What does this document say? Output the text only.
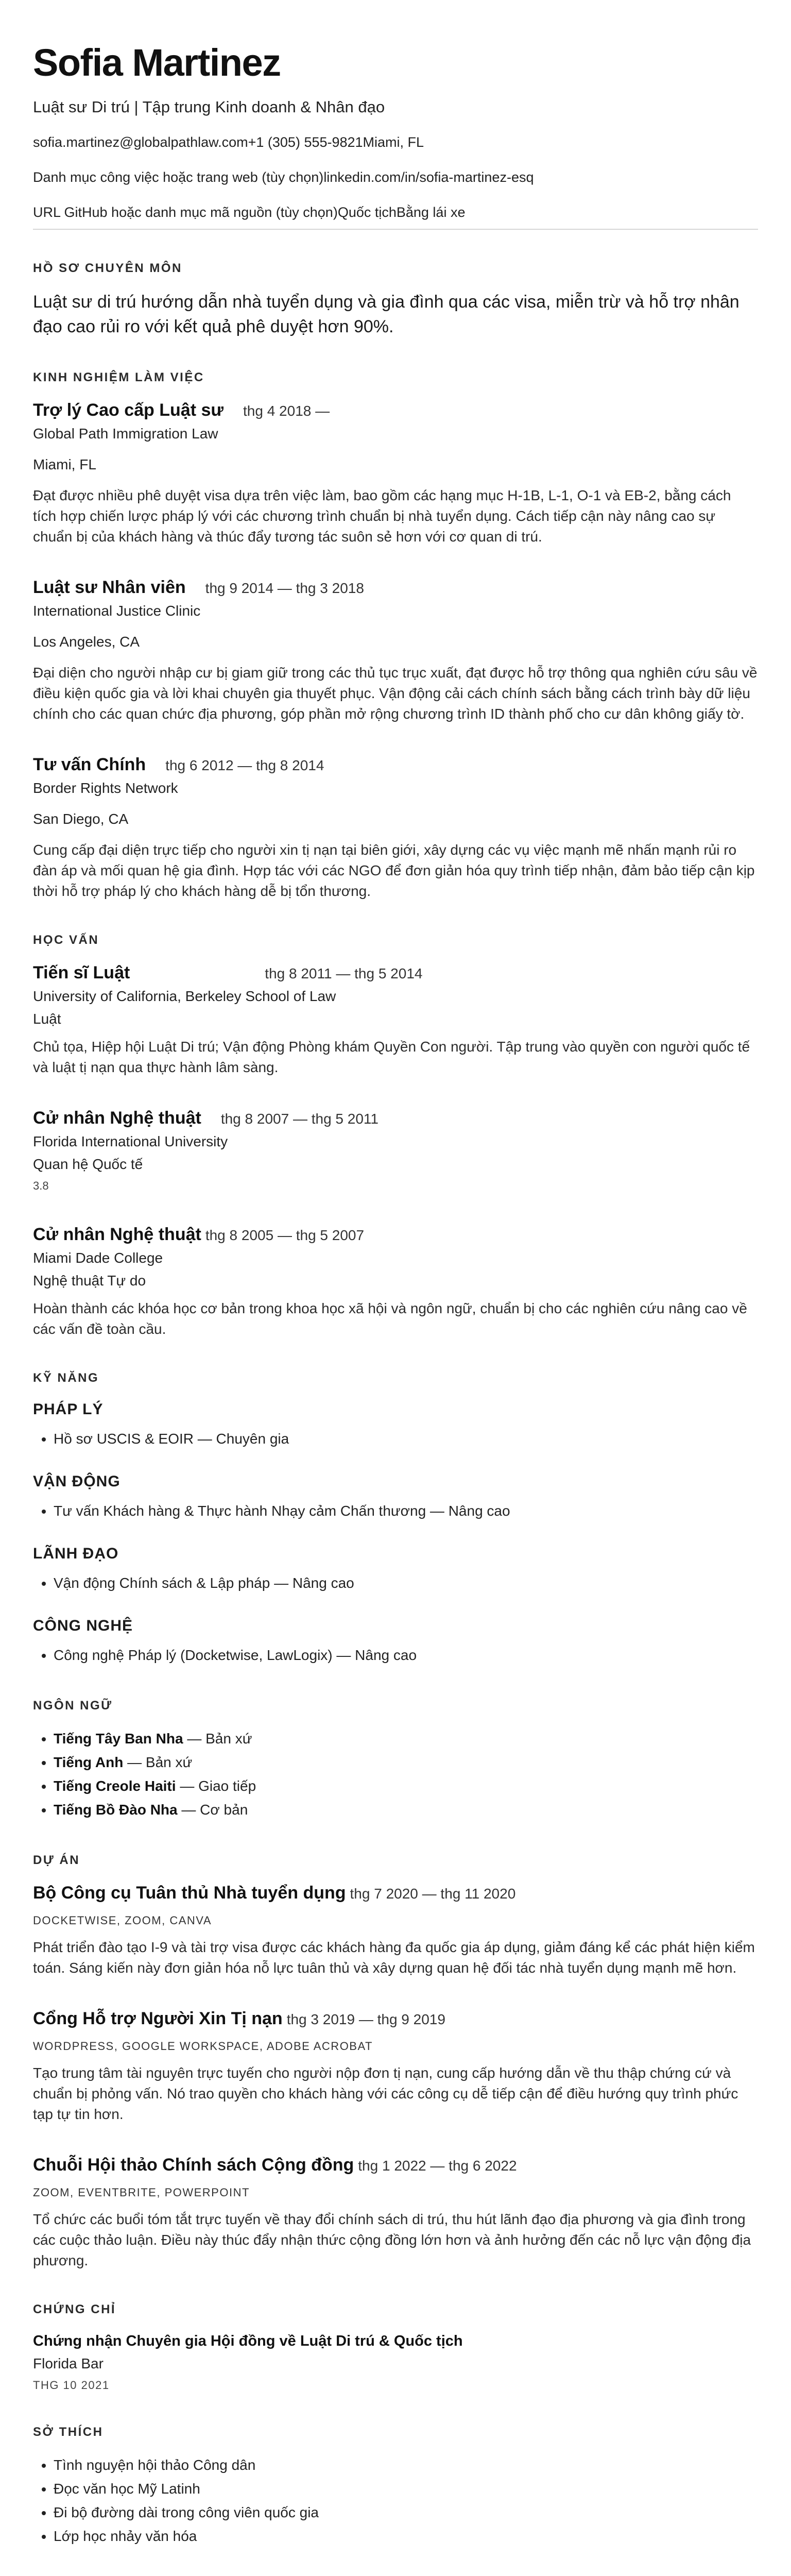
Sofia Martinez
Luật sư Di trú | Tập trung Kinh doanh & Nhân đạo
sofia.martinez@globalpathlaw.com+1 (305) 555-9821Miami, FL
Danh mục công việc hoặc trang web (tùy chọn)linkedin.com/in/sofia-martinez-esq
URL GitHub hoặc danh mục mã nguồn (tùy chọn)Quốc tịchBằng lái xe
HỒ SƠ CHUYÊN MÔN
Luật sư di trú hướng dẫn nhà tuyển dụng và gia đình qua các visa, miễn trừ và hỗ trợ nhân đạo cao rủi ro với kết quả phê duyệt hơn 90%.
KINH NGHIỆM LÀM VIỆC
Trợ lý Cao cấp Luật sư thg 4 2018 —
Global Path Immigration Law
Miami, FL
Đạt được nhiều phê duyệt visa dựa trên việc làm, bao gồm các hạng mục H-1B, L-1, O-1 và EB-2, bằng cách tích hợp chiến lược pháp lý với các chương trình chuẩn bị nhà tuyển dụng. Cách tiếp cận này nâng cao sự chuẩn bị của khách hàng và thúc đẩy tương tác suôn sẻ hơn với cơ quan di trú.
Luật sư Nhân viên thg 9 2014 — thg 3 2018
International Justice Clinic
Los Angeles, CA
Đại diện cho người nhập cư bị giam giữ trong các thủ tục trục xuất, đạt được hỗ trợ thông qua nghiên cứu sâu về điều kiện quốc gia và lời khai chuyên gia thuyết phục. Vận động cải cách chính sách bằng cách trình bày dữ liệu chính cho các quan chức địa phương, góp phần mở rộng chương trình ID thành phố cho cư dân không giấy tờ.
Tư vấn Chính thg 6 2012 — thg 8 2014
Border Rights Network
San Diego, CA
Cung cấp đại diện trực tiếp cho người xin tị nạn tại biên giới, xây dựng các vụ việc mạnh mẽ nhấn mạnh rủi ro đàn áp và mối quan hệ gia đình. Hợp tác với các NGO để đơn giản hóa quy trình tiếp nhận, đảm bảo tiếp cận kịp thời hỗ trợ pháp lý cho khách hàng dễ bị tổn thương.
HỌC VẤN
Tiến sĩ Luật	thg 8 2011 — thg 5 2014
University of California, Berkeley School of Law
Luật
Chủ tọa, Hiệp hội Luật Di trú; Vận động Phòng khám Quyền Con người. Tập trung vào quyền con người quốc tế và luật tị nạn qua thực hành lâm sàng.
Cử nhân Nghệ thuật thg 8 2007 — thg 5 2011
Florida International University
Quan hệ Quốc tế
3.8
Cử nhân Nghệ thuật thg 8 2005 — thg 5 2007
Miami Dade College
Nghệ thuật Tự do
Hoàn thành các khóa học cơ bản trong khoa học xã hội và ngôn ngữ, chuẩn bị cho các nghiên cứu nâng cao về các vấn đề toàn cầu.
KỸ NĂNG
PHÁP LÝ
• Hồ sơ USCIS & EOIR — Chuyên gia
VẬN ĐỘNG
• Tư vấn Khách hàng & Thực hành Nhạy cảm Chấn thương — Nâng cao
LÃNH ĐẠO
• Vận động Chính sách & Lập pháp — Nâng cao
CÔNG NGHỆ
• Công nghệ Pháp lý (Docketwise, LawLogix) — Nâng cao
NGÔN NGỮ
• Tiếng Tây Ban Nha — Bản xứ
• Tiếng Anh — Bản xứ
• Tiếng Creole Haiti — Giao tiếp
• Tiếng Bồ Đào Nha — Cơ bản
DỰ ÁN
Bộ Công cụ Tuân thủ Nhà tuyển dụng thg 7 2020 — thg 11 2020
DOCKETWISE, ZOOM, CANVA
Phát triển đào tạo I-9 và tài trợ visa được các khách hàng đa quốc gia áp dụng, giảm đáng kể các phát hiện kiểm toán. Sáng kiến này đơn giản hóa nỗ lực tuân thủ và xây dựng quan hệ đối tác nhà tuyển dụng mạnh mẽ hơn.
Cổng Hỗ trợ Người Xin Tị nạn thg 3 2019 — thg 9 2019
WORDPRESS, GOOGLE WORKSPACE, ADOBE ACROBAT
Tạo trung tâm tài nguyên trực tuyến cho người nộp đơn tị nạn, cung cấp hướng dẫn về thu thập chứng cứ và chuẩn bị phỏng vấn. Nó trao quyền cho khách hàng với các công cụ dễ tiếp cận để điều hướng quy trình phức tạp tự tin hơn.
Chuỗi Hội thảo Chính sách Cộng đồng thg 1 2022 — thg 6 2022
ZOOM, EVENTBRITE, POWERPOINT
Tổ chức các buổi tóm tắt trực tuyến về thay đổi chính sách di trú, thu hút lãnh đạo địa phương và gia đình trong các cuộc thảo luận. Điều này thúc đẩy nhận thức cộng đồng lớn hơn và ảnh hưởng đến các nỗ lực vận động địa phương.
CHỨNG CHỈ
Chứng nhận Chuyên gia Hội đồng về Luật Di trú & Quốc tịch
Florida Bar
THG 10 2021
SỞ THÍCH
• Tình nguyện hội thảo Công dân
• Đọc văn học Mỹ Latinh
• Đi bộ đường dài trong công viên quốc gia
• Lớp học nhảy văn hóa
